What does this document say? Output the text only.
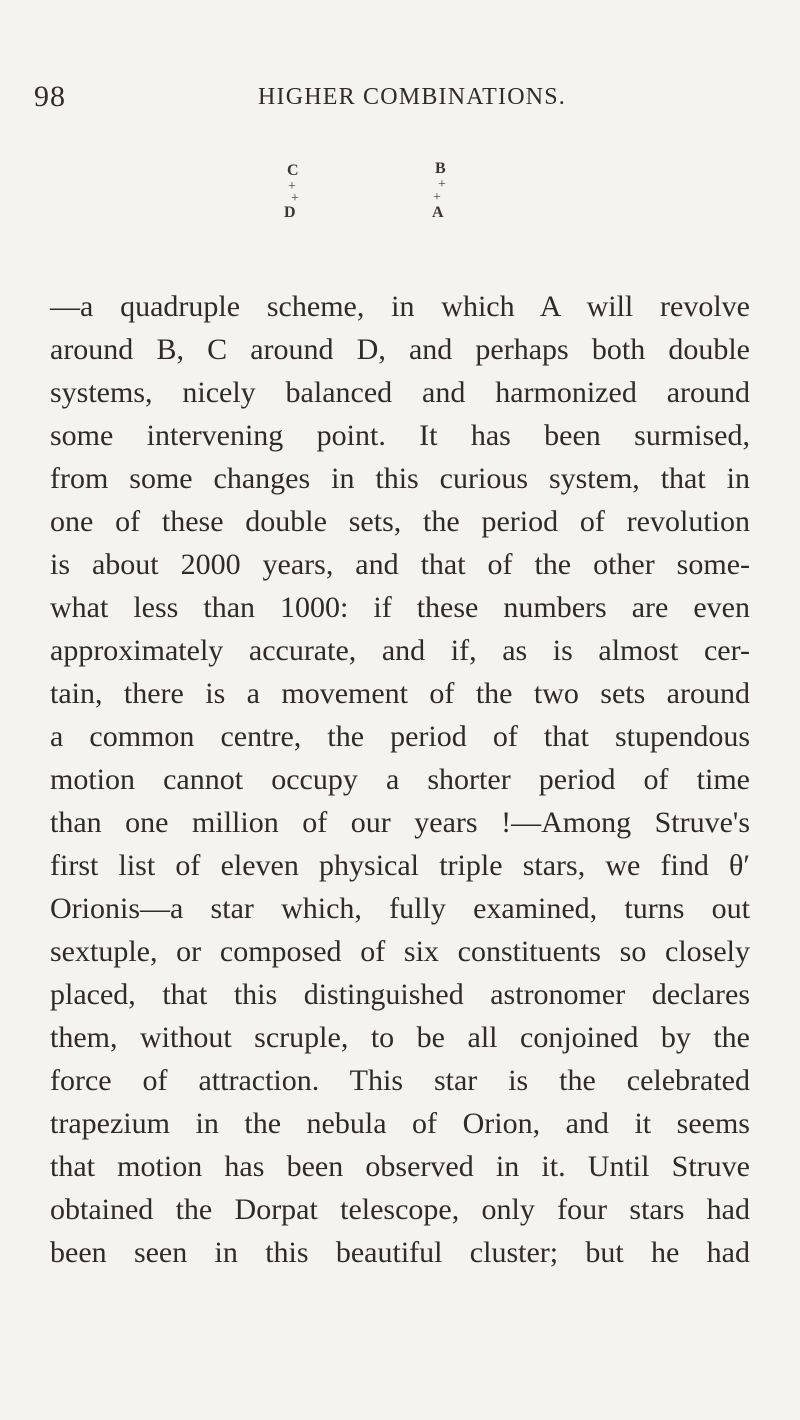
98	HIGHER COMBINATIONS.
C
+
+
D
B
+
+
A
—a quadruple scheme, in which A will revolve
around B, C around D, and perhaps both double
systems, nicely balanced and harmonized around
some intervening point. It has been surmised,
from some changes in this curious system, that in
one of these double sets, the period of revolution
is about 2000 years, and that of the other some-
what less than 1000: if these numbers are even
approximately accurate, and if, as is almost cer-
tain, there is a movement of the two sets around
a common centre, the period of that stupendous
motion cannot occupy a shorter period of time
than one million of our years !—Among Struve's
first list of eleven physical triple stars, we find θ′
Orionis—a star which, fully examined, turns out
sextuple, or composed of six constituents so closely
placed, that this distinguished astronomer declares
them, without scruple, to be all conjoined by the
force of attraction. This star is the celebrated
trapezium in the nebula of Orion, and it seems
that motion has been observed in it. Until Struve
obtained the Dorpat telescope, only four stars had
been seen in this beautiful cluster; but he had
